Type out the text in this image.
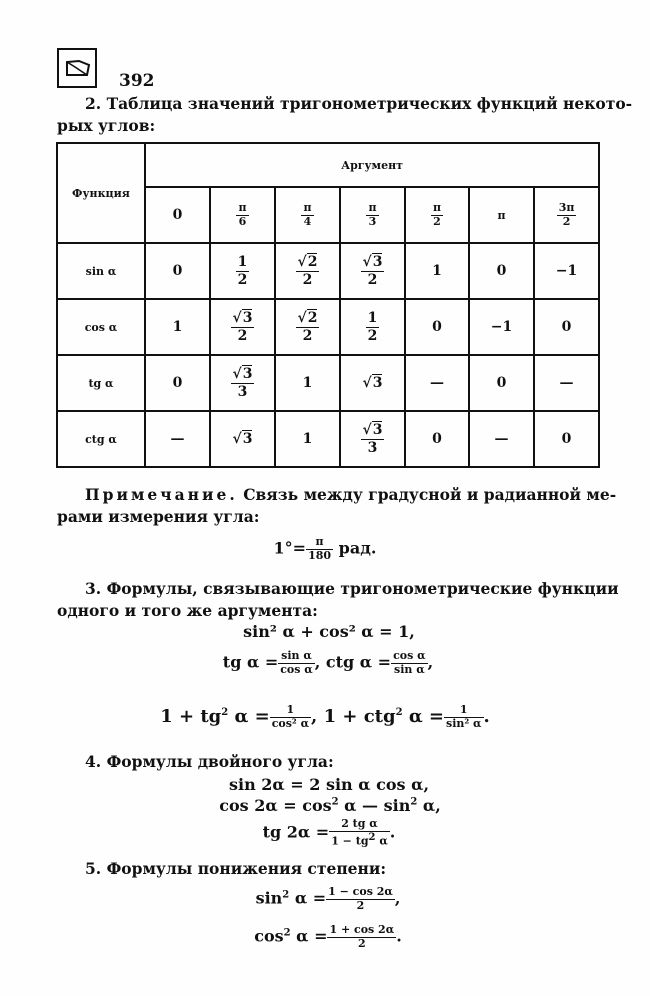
392
2. Таблица значений тригонометрических функций некото-
рых углов:
Функция	Аргумент						
	0	$\frac{\pi}{6}$	$\frac{\pi}{4}$	$\frac{\pi}{3}$	$\frac{\pi}{2}$	π	$\frac{3\pi}{2}$

sin α	0	$\frac{1}{2}$	$\frac{√2}{2}$	$\frac{√3}{2}$	1	0	−1
cos α	1	$\frac{√3}{2}$	$\frac{√2}{2}$	$\frac{1}{2}$	0	−1	0
tg α	0	$\frac{√3}{3}$	1	√3	—	0	—
ctg α	—	√3	1	$\frac{√3}{3}$	0	—	0
Примечание. Связь между градусной и радианной ме-
рами измерения угла:
$1^\circ= \frac{\pi}{180}$ рад.
3. Формулы, связывающие тригонометрические функции
одного и того же аргумента:
sin² α + cos² α = 1,
tg $\alpha = \frac{\text{sin α}}{\text{cos α}}$ , ctg $\alpha = \frac{\text{cos α}}{\text{sin α}}$ ,
$1 + tg^2$ $\alpha = \frac{1}{\text{cos² α}}$ , 1 + ctg$^2$ $\alpha = \frac{1}{\text{sin² α}}$ .
4. Формулы двойного угла:
sin 2α = 2 sin α cos α,
$\cos 2\alpha = \cos^2 \alpha$ — $\sin^2 \alpha$,
tg $2\alpha = \frac{\text{2 tg α}}{1 - tg^2 \alpha}$ .
5. Формулы понижения степени:
$\sin^2 \alpha = \frac{1 - \cos 2\alpha}{2}$ ,
$\cos^2 \alpha = \frac{1 + \cos 2\alpha}{2}$ .
